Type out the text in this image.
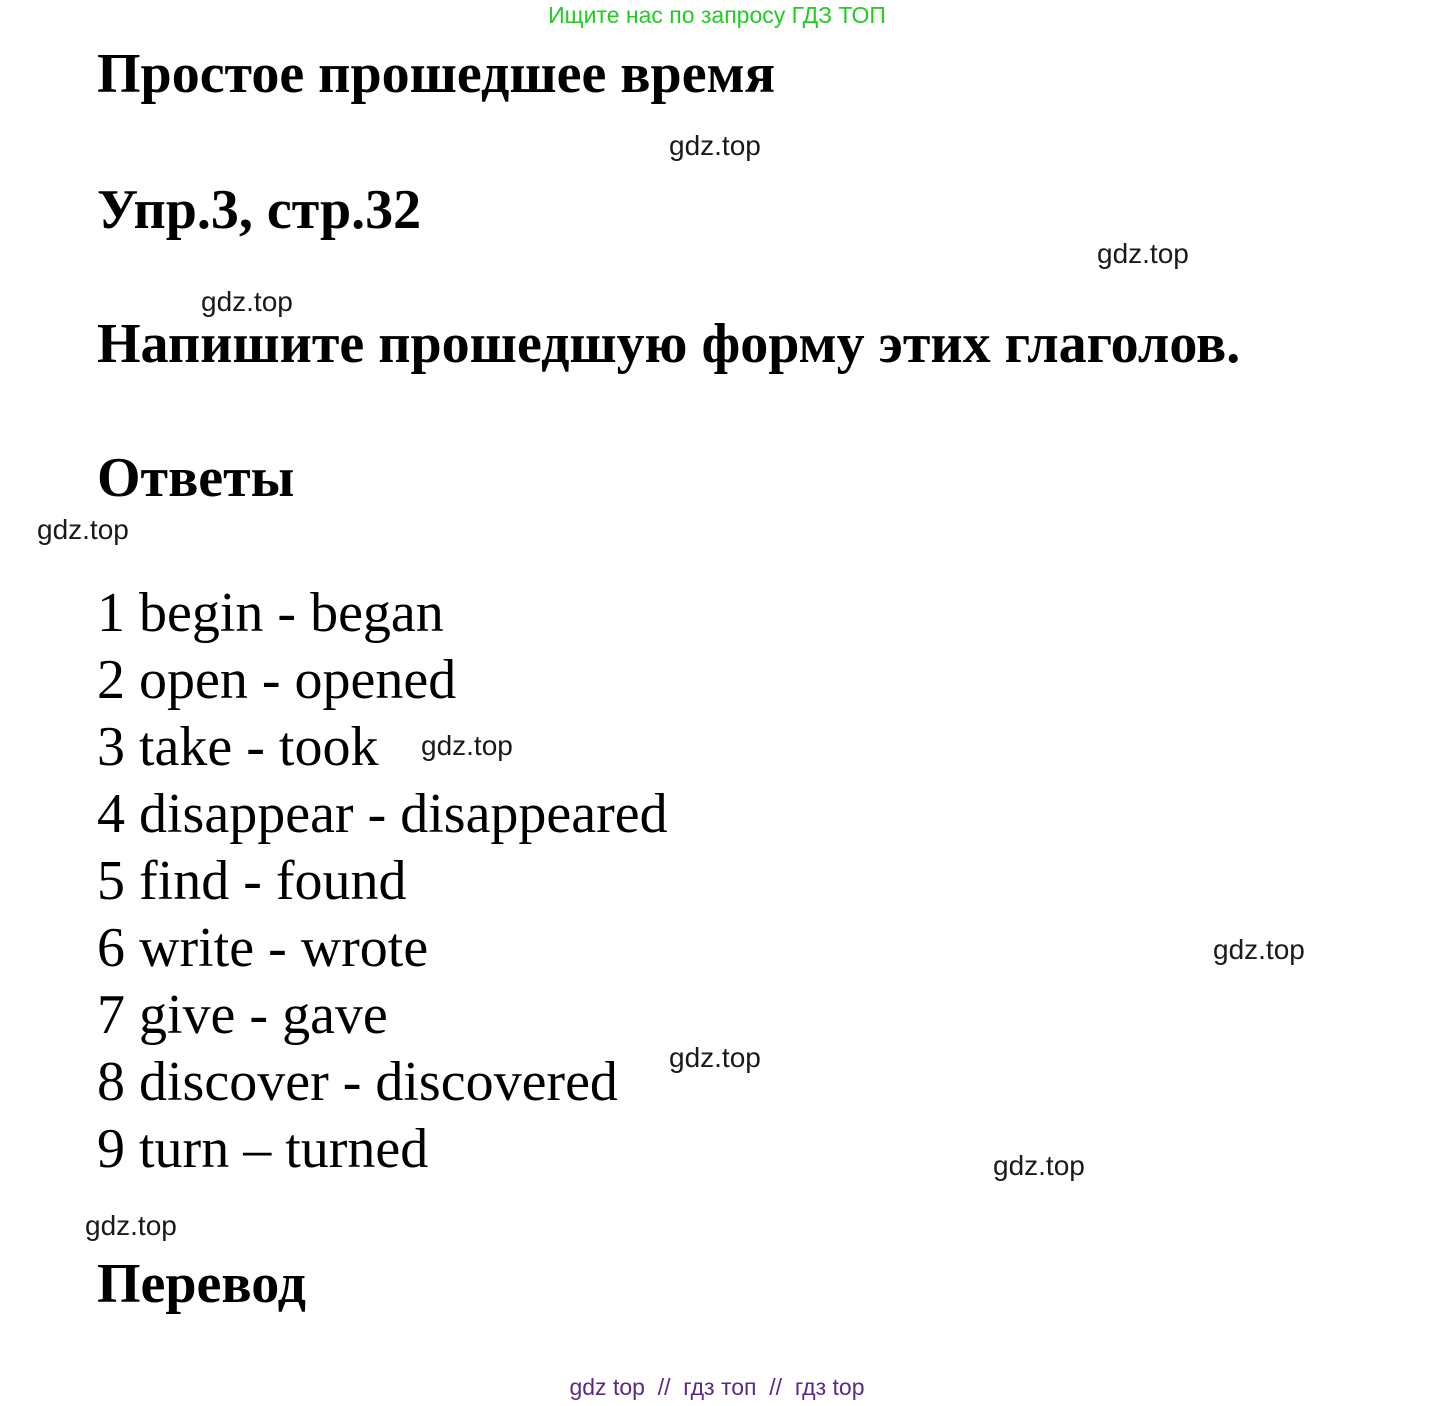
Ищите нас по запросу ГДЗ ТОП
Простое прошедшее время
gdz.top
Упр.3, стр.32
gdz.top
gdz.top
Напишите прошедшую форму этих глаголов.
Ответы
gdz.top
1 begin - began
2 open - opened
3 take - took
4 disappear - disappeared
5 find - found
6 write - wrote
7 give - gave
8 discover - discovered
9 turn – turned
gdz.top
gdz.top
gdz.top
gdz.top
gdz.top
Перевод
gdz top  //  гдз топ  //  гдз top
